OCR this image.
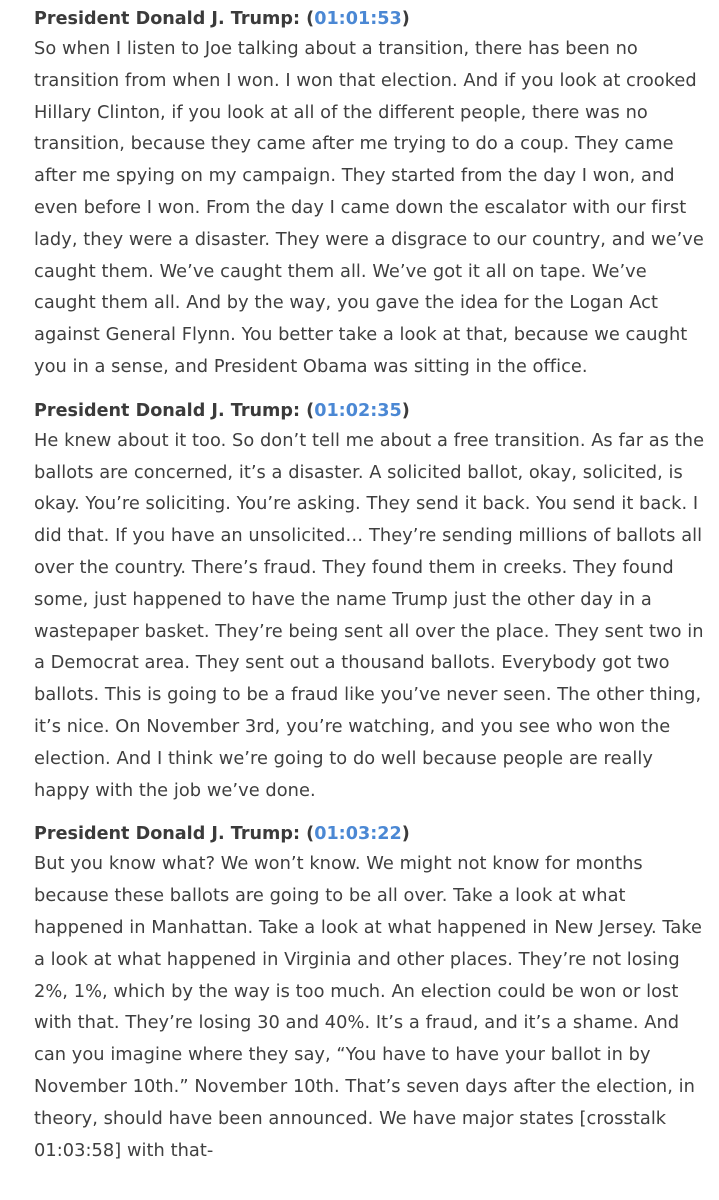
President Donald J. Trump: (01:01:53)

So when I listen to Joe talking about a transition, there has been no transition from when I won. I won that election. And if you look at crooked Hillary Clinton, if you look at all of the different people, there was no transition, because they came after me trying to do a coup. They came after me spying on my campaign. They started from the day I won, and even before I won. From the day I came down the escalator with our first lady, they were a disaster. They were a disgrace to our country, and we’ve caught them. We’ve caught them all. We’ve got it all on tape. We’ve caught them all. And by the way, you gave the idea for the Logan Act against General Flynn. You better take a look at that, because we caught you in a sense, and President Obama was sitting in the office.

President Donald J. Trump: (01:02:35)

He knew about it too. So don’t tell me about a free transition. As far as the ballots are concerned, it’s a disaster. A solicited ballot, okay, solicited, is okay. You’re soliciting. You’re asking. They send it back. You send it back. I did that. If you have an unsolicited… They’re sending millions of ballots all over the country. There’s fraud. They found them in creeks. They found some, just happened to have the name Trump just the other day in a wastepaper basket. They’re being sent all over the place. They sent two in a Democrat area. They sent out a thousand ballots. Everybody got two ballots. This is going to be a fraud like you’ve never seen. The other thing, it’s nice. On November 3rd, you’re watching, and you see who won the election. And I think we’re going to do well because people are really happy with the job we’ve done.

President Donald J. Trump: (01:03:22)

But you know what? We won’t know. We might not know for months because these ballots are going to be all over. Take a look at what happened in Manhattan. Take a look at what happened in New Jersey. Take a look at what happened in Virginia and other places. They’re not losing 2%, 1%, which by the way is too much. An election could be won or lost with that. They’re losing 30 and 40%. It’s a fraud, and it’s a shame. And can you imagine where they say, “You have to have your ballot in by November 10th.” November 10th. That’s seven days after the election, in theory, should have been announced. We have major states [crosstalk 01:03:58] with that-
